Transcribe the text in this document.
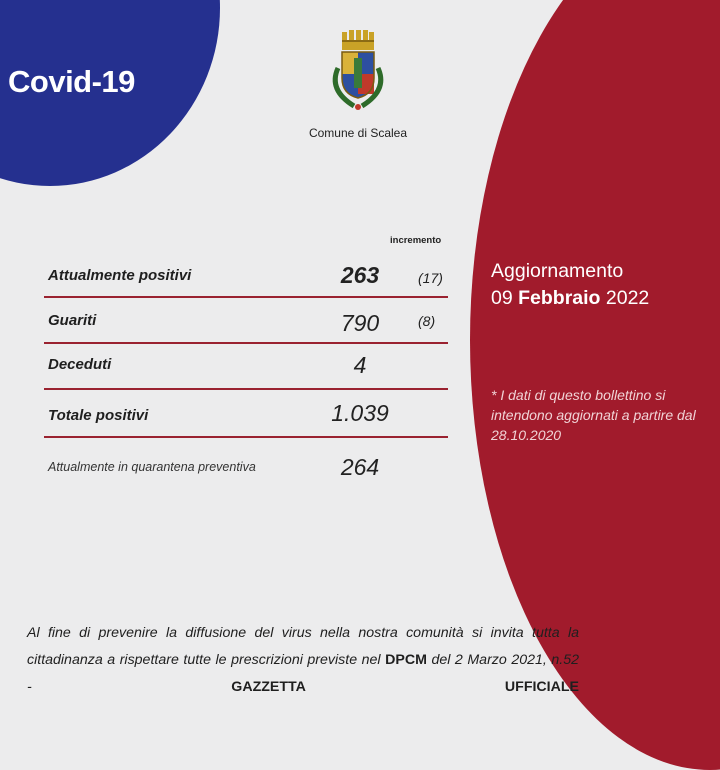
Covid-19
Comune di Scalea
incremento
Attualmente positivi	263	(17)
Guariti	790	(8)
Deceduti	4
Totale positivi	1.039
Attualmente in quarantena preventiva	264
Aggiornamento
09 Febbraio 2022
* I dati di questo bollettino si intendono aggiornati a partire dal 28.10.2020
Al fine di prevenire la diffusione del virus nella nostra comunità si invita tutta la cittadinanza a rispettare tutte le prescrizioni previste nel DPCM del 2 Marzo 2021, n.52 - GAZZETTA UFFICIALE
